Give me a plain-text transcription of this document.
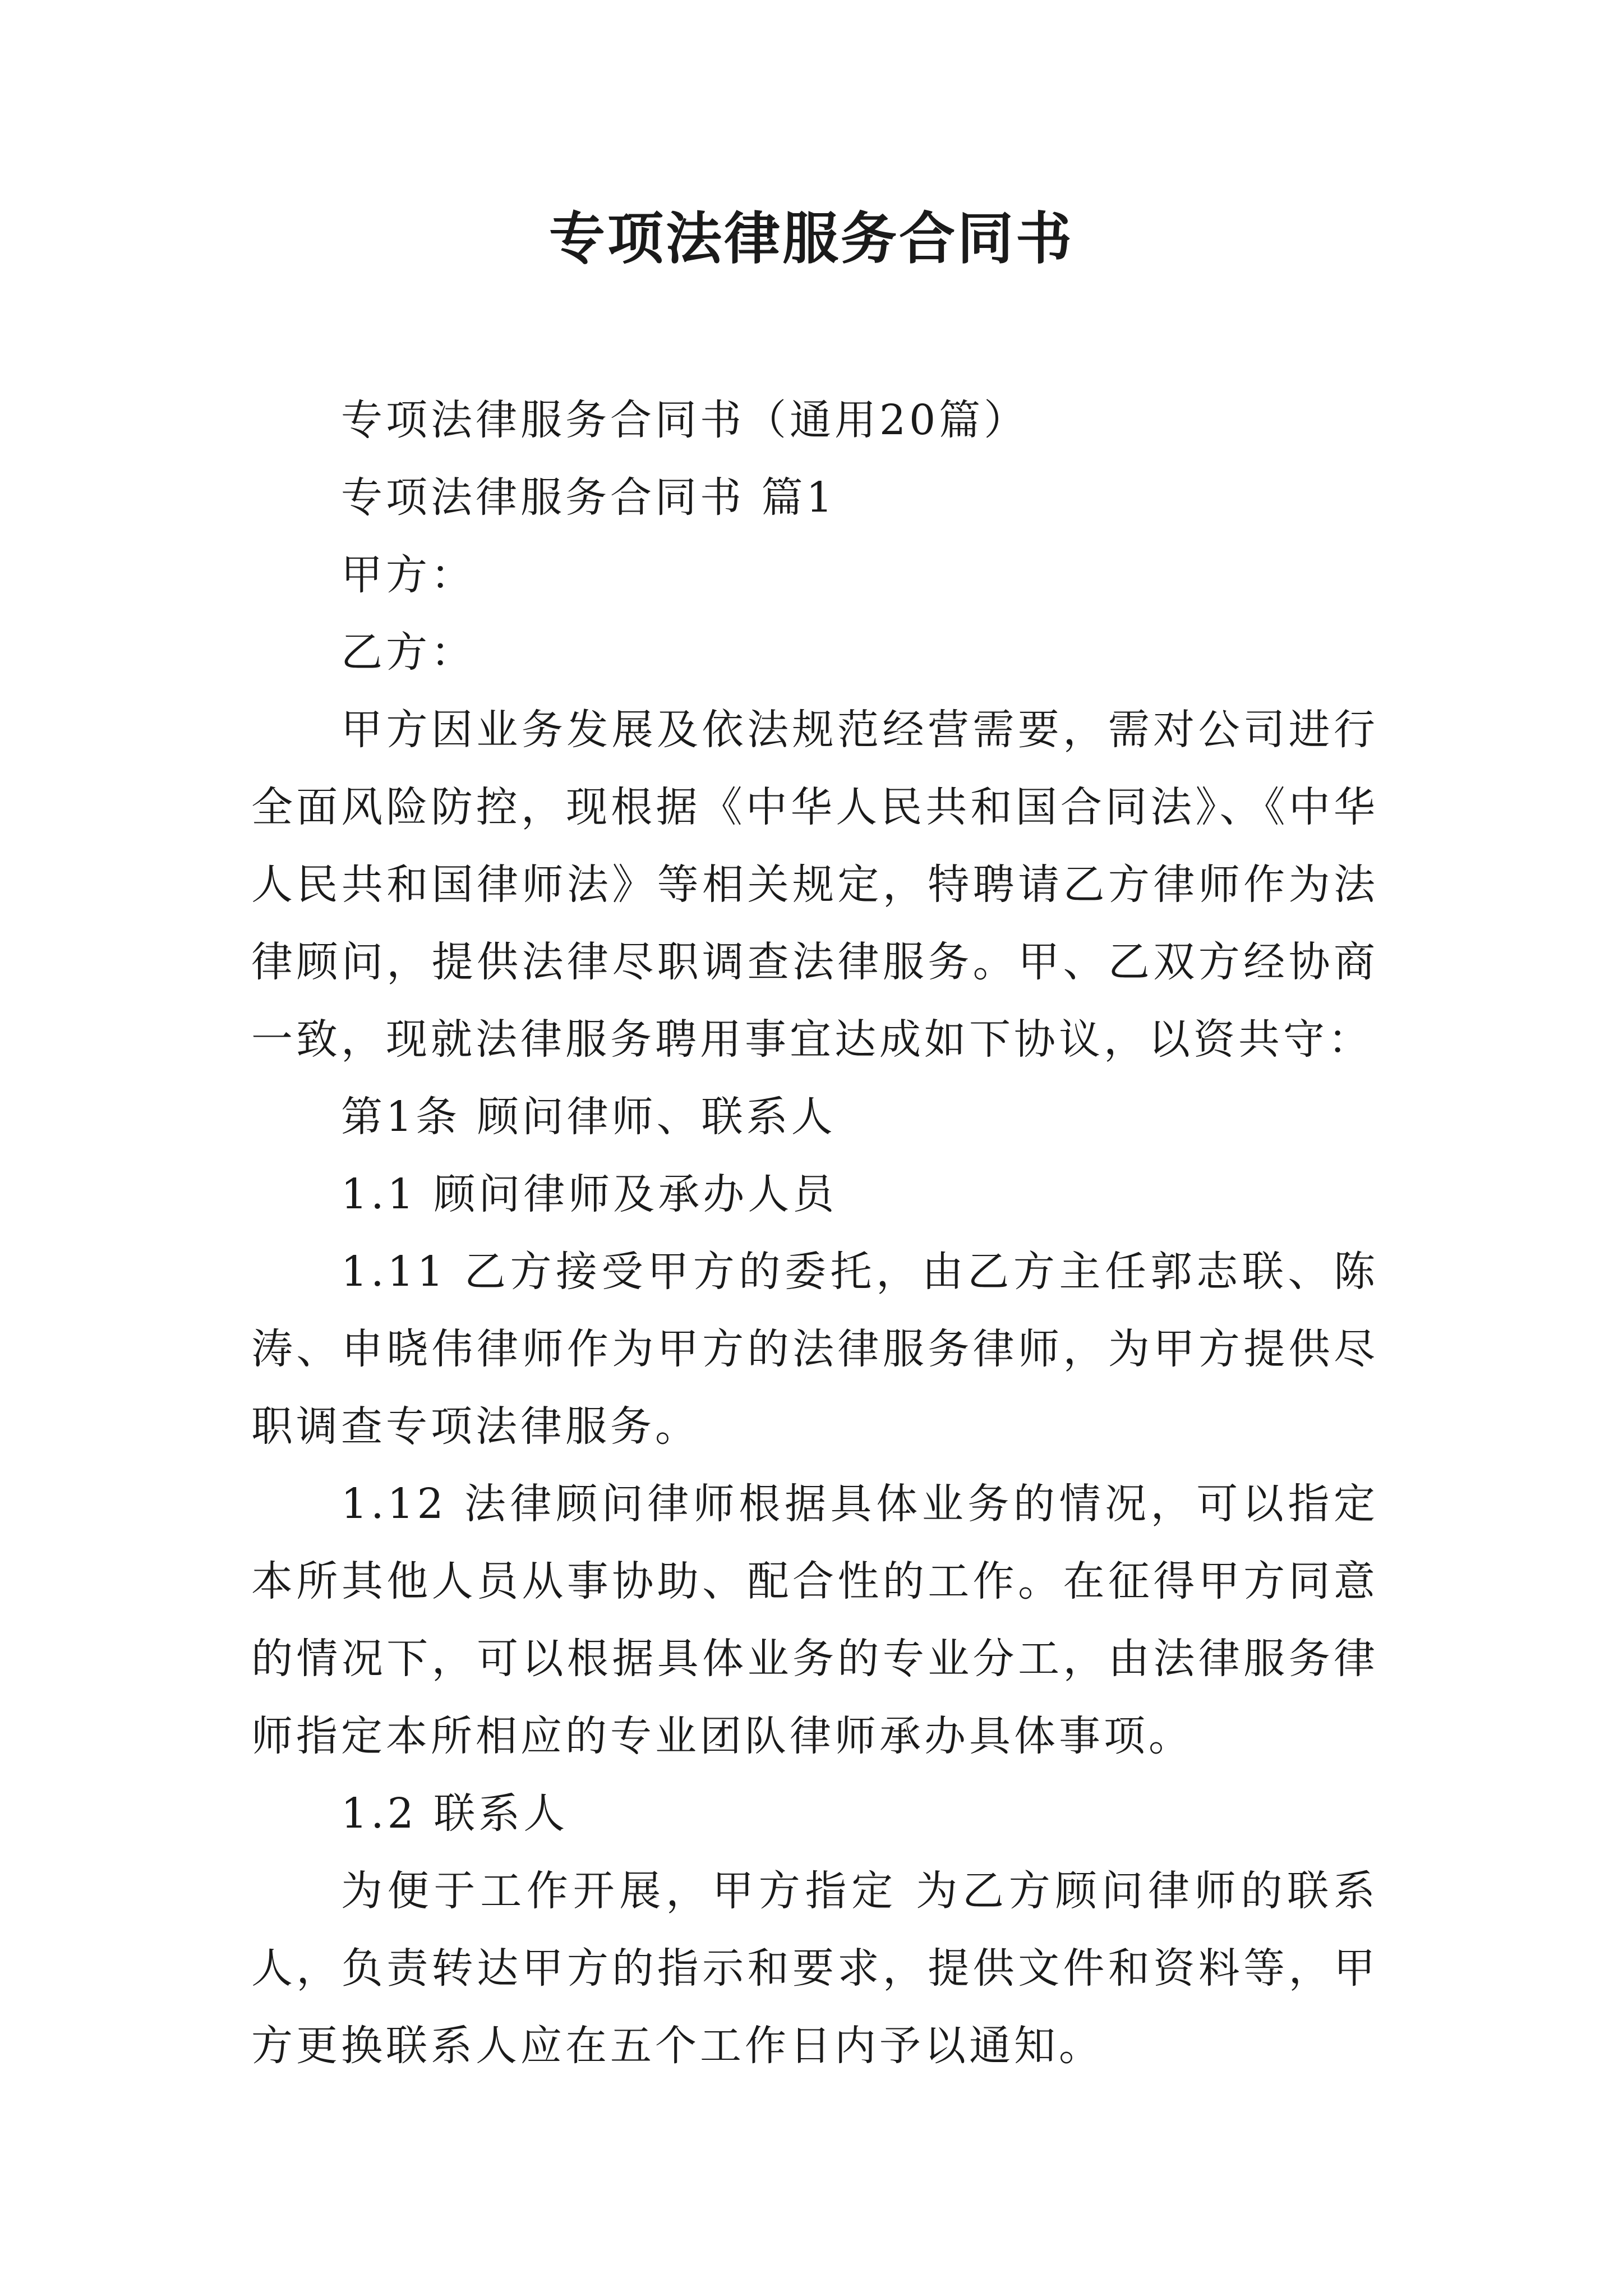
专项法律服务合同书

专项法律服务合同书（通用20篇）

专项法律服务合同书 篇1

甲方：

乙方：

甲方因业务发展及依法规范经营需要，需对公司进行全面风险防控，现根据《中华人民共和国合同法》、《中华人民共和国律师法》等相关规定，特聘请乙方律师作为法律顾问，提供法律尽职调查法律服务。甲、乙双方经协商一致，现就法律服务聘用事宜达成如下协议，以资共守：

第1条 顾问律师、联系人

1.1 顾问律师及承办人员

1.11 乙方接受甲方的委托，由乙方主任郭志联、陈涛、申晓伟律师作为甲方的法律服务律师，为甲方提供尽职调查专项法律服务。

1.12 法律顾问律师根据具体业务的情况，可以指定本所其他人员从事协助、配合性的工作。在征得甲方同意的情况下，可以根据具体业务的专业分工，由法律服务律师指定本所相应的专业团队律师承办具体事项。

1.2 联系人

为便于工作开展，甲方指定 为乙方顾问律师的联系人，负责转达甲方的指示和要求，提供文件和资料等，甲方更换联系人应在五个工作日内予以通知。
